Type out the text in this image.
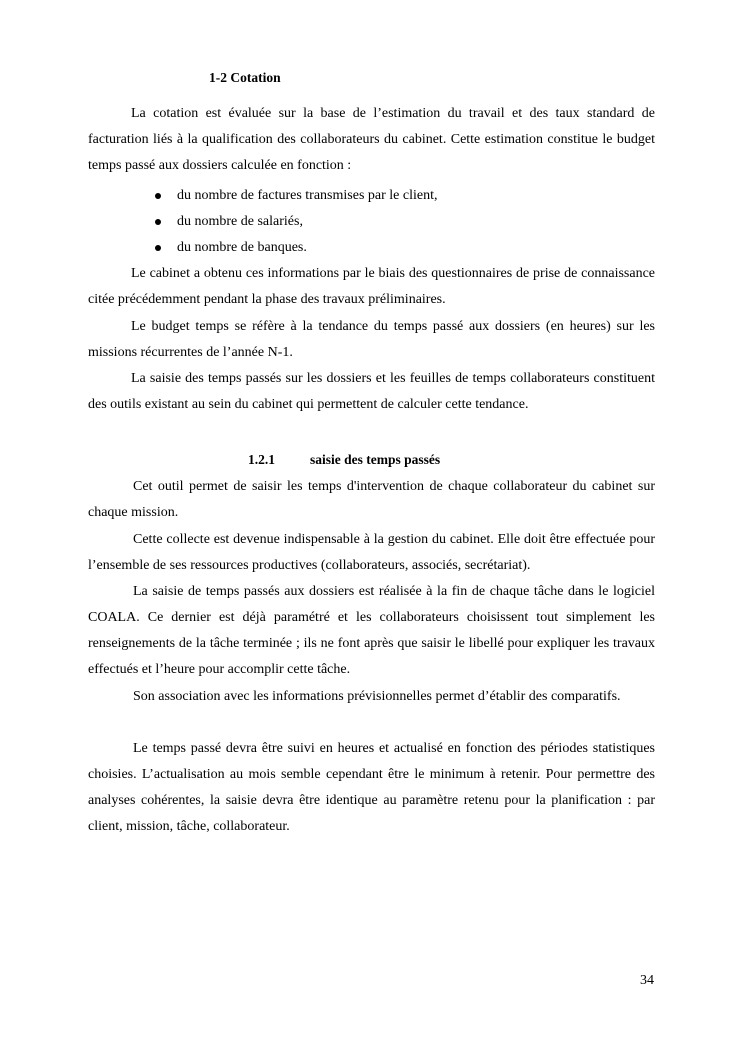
1-2 Cotation

La cotation est évaluée sur la base de l’estimation du travail et des taux standard de facturation liés à la qualification des collaborateurs du cabinet. Cette estimation constitue le budget temps passé aux dossiers calculée en fonction :

du nombre de factures transmises par le client,
du nombre de salariés,
du nombre de banques.

Le cabinet a obtenu ces informations par le biais des questionnaires de prise de connaissance citée précédemment pendant la phase des travaux préliminaires.

Le budget temps se réfère à la tendance du temps passé aux dossiers (en heures) sur les missions récurrentes de l’année N-1.

La saisie des temps passés sur les dossiers et les feuilles de temps collaborateurs constituent des outils existant au sein du cabinet qui permettent de calculer cette tendance.

1.2.1	saisie des temps passés

Cet outil permet de saisir les temps d'intervention de chaque collaborateur du cabinet sur chaque mission.

Cette collecte est devenue indispensable à la gestion du cabinet. Elle doit être effectuée pour l’ensemble de ses ressources productives (collaborateurs, associés, secrétariat).

La saisie de temps passés aux dossiers est réalisée à la fin de chaque tâche dans le logiciel COALA. Ce dernier est déjà paramétré et les collaborateurs choisissent tout simplement les renseignements de la tâche terminée ; ils ne font après que saisir le libellé pour expliquer les travaux effectués et l’heure pour accomplir cette tâche.

Son association avec les informations prévisionnelles permet d’établir des comparatifs.

Le temps passé devra être suivi en heures et actualisé en fonction des périodes statistiques choisies. L’actualisation au mois semble cependant être le minimum à retenir. Pour permettre des analyses cohérentes, la saisie devra être identique au paramètre retenu pour la planification : par client, mission, tâche, collaborateur.

34
